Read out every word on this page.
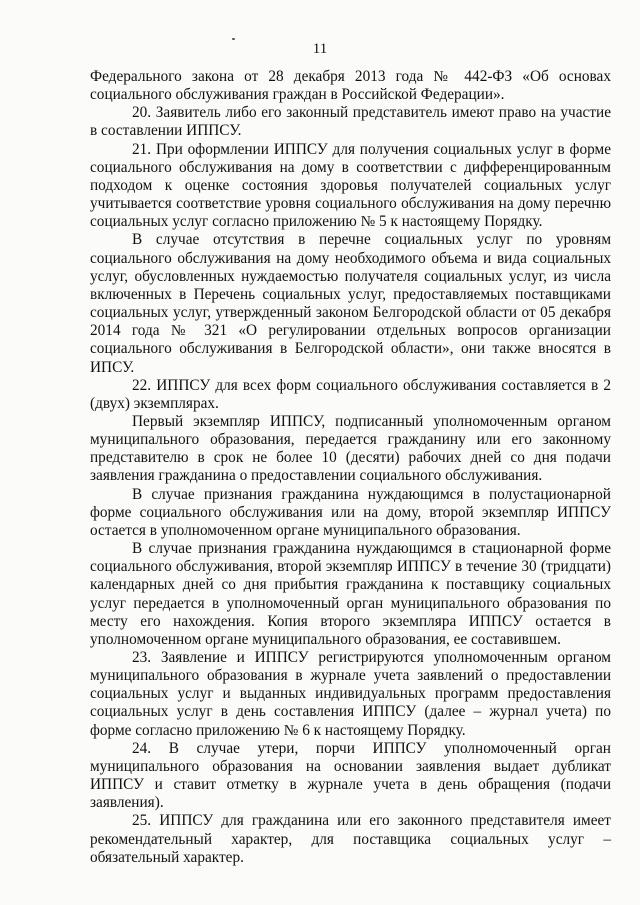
11

Федерального закона от 28 декабря 2013 года № 442-ФЗ «Об основах социального обслуживания граждан в Российской Федерации».

20. Заявитель либо его законный представитель имеют право на участие в составлении ИППСУ.

21. При оформлении ИППСУ для получения социальных услуг в форме социального обслуживания на дому в соответствии с дифференцированным подходом к оценке состояния здоровья получателей социальных услуг учитывается соответствие уровня социального обслуживания на дому перечню социальных услуг согласно приложению № 5 к настоящему Порядку.

В случае отсутствия в перечне социальных услуг по уровням социального обслуживания на дому необходимого объема и вида социальных услуг, обусловленных нуждаемостью получателя социальных услуг, из числа включенных в Перечень социальных услуг, предоставляемых поставщиками социальных услуг, утвержденный законом Белгородской области от 05 декабря 2014 года № 321 «О регулировании отдельных вопросов организации социального обслуживания в Белгородской области», они также вносятся в ИПСУ.

22. ИППСУ для всех форм социального обслуживания составляется в 2 (двух) экземплярах.

Первый экземпляр ИППСУ, подписанный уполномоченным органом муниципального образования, передается гражданину или его законному представителю в срок не более 10 (десяти) рабочих дней со дня подачи заявления гражданина о предоставлении социального обслуживания.

В случае признания гражданина нуждающимся в полустационарной форме социального обслуживания или на дому, второй экземпляр ИППСУ остается в уполномоченном органе муниципального образования.

В случае признания гражданина нуждающимся в стационарной форме социального обслуживания, второй экземпляр ИППСУ в течение 30 (тридцати) календарных дней со дня прибытия гражданина к поставщику социальных услуг передается в уполномоченный орган муниципального образования по месту его нахождения. Копия второго экземпляра ИППСУ остается в уполномоченном органе муниципального образования, ее составившем.

23. Заявление и ИППСУ регистрируются уполномоченным органом муниципального образования в журнале учета заявлений о предоставлении социальных услуг и выданных индивидуальных программ предоставления социальных услуг в день составления ИППСУ (далее – журнал учета) по форме согласно приложению № 6 к настоящему Порядку.

24. В случае утери, порчи ИППСУ уполномоченный орган муниципального образования на основании заявления выдает дубликат ИППСУ и ставит отметку в журнале учета в день обращения (подачи заявления).

25. ИППСУ для гражданина или его законного представителя имеет рекомендательный характер, для поставщика социальных услуг – обязательный характер.
